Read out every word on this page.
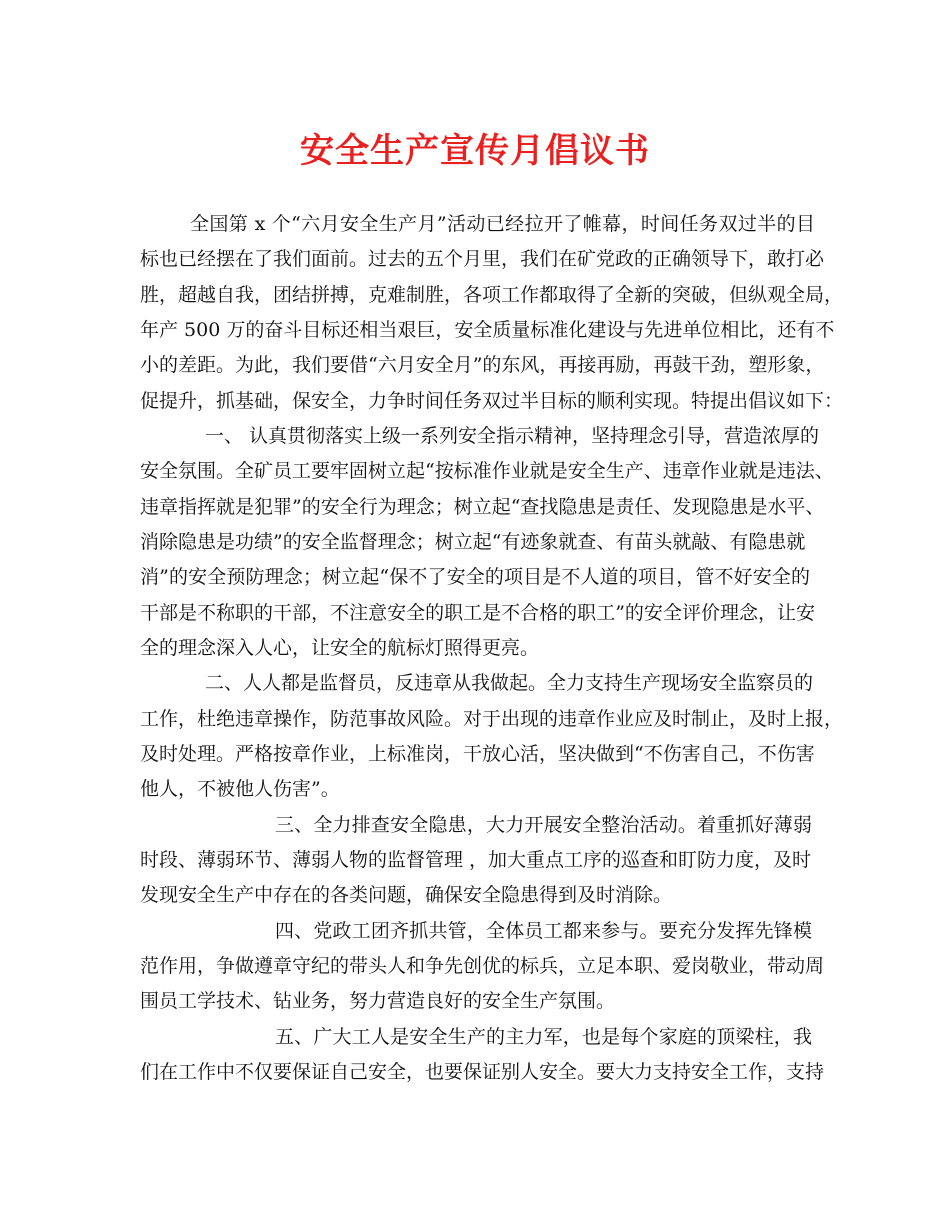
安全生产宣传月倡议书
全国第 x 个“六月安全生产月”活动已经拉开了帷幕，时间任务双过半的目
标也已经摆在了我们面前。过去的五个月里，我们在矿党政的正确领导下，敢打必
胜，超越自我，团结拼搏，克难制胜，各项工作都取得了全新的突破，但纵观全局，
年产 500 万的奋斗目标还相当艰巨，安全质量标准化建设与先进单位相比，还有不
小的差距。为此，我们要借“六月安全月”的东风，再接再励，再鼓干劲，塑形象，
促提升，抓基础，保安全，力争时间任务双过半目标的顺利实现。特提出倡议如下：
一、 认真贯彻落实上级一系列安全指示精神，坚持理念引导，营造浓厚的
安全氛围。全矿员工要牢固树立起“按标准作业就是安全生产、违章作业就是违法、
违章指挥就是犯罪”的安全行为理念；树立起“查找隐患是责任、发现隐患是水平、
消除隐患是功绩”的安全监督理念；树立起“有迹象就查、有苗头就敲、有隐患就
消”的安全预防理念；树立起“保不了安全的项目是不人道的项目，管不好安全的
干部是不称职的干部，不注意安全的职工是不合格的职工”的安全评价理念，让安
全的理念深入人心，让安全的航标灯照得更亮。
二、人人都是监督员，反违章从我做起。全力支持生产现场安全监察员的
工作，杜绝违章操作，防范事故风险。对于出现的违章作业应及时制止，及时上报，
及时处理。严格按章作业，上标准岗，干放心活，坚决做到“不伤害自己，不伤害
他人，不被他人伤害”。
三、全力排查安全隐患，大力开展安全整治活动。着重抓好薄弱
时段、薄弱环节、薄弱人物的监督管理 ，加大重点工序的巡查和盯防力度，及时
发现安全生产中存在的各类问题，确保安全隐患得到及时消除。
四、党政工团齐抓共管，全体员工都来参与。要充分发挥先锋模
范作用，争做遵章守纪的带头人和争先创优的标兵，立足本职、爱岗敬业，带动周
围员工学技术、钻业务，努力营造良好的安全生产氛围。
五、广大工人是安全生产的主力军，也是每个家庭的顶梁柱，我
们在工作中不仅要保证自己安全，也要保证别人安全。要大力支持安全工作，支持
